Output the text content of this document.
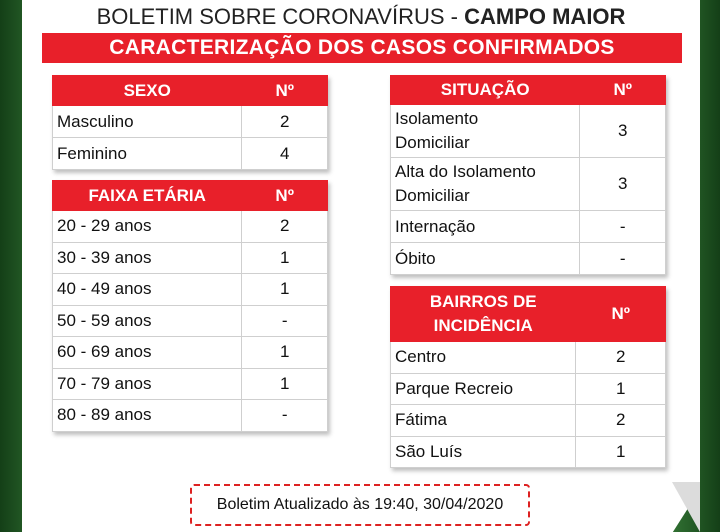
BOLETIM SOBRE CORONAVÍRUS - CAMPO MAIOR
CARACTERIZAÇÃO DOS CASOS CONFIRMADOS
SEXO	Nº
Masculino	2
Feminino	4
FAIXA ETÁRIA	Nº
20 - 29 anos	2
30 - 39 anos	1
40 - 49 anos	1
50 - 59 anos	-
60 - 69 anos	1
70 - 79 anos	1
80 - 89 anos	-
SITUAÇÃO	Nº
Isolamento
Domiciliar	3
Alta do Isolamento
Domiciliar	3
Internação	-
Óbito	-
BAIRROS DE
INCIDÊNCIA	Nº
Centro	2
Parque Recreio	1
Fátima	2
São Luís	1
Boletim Atualizado às 19:40, 30/04/2020
